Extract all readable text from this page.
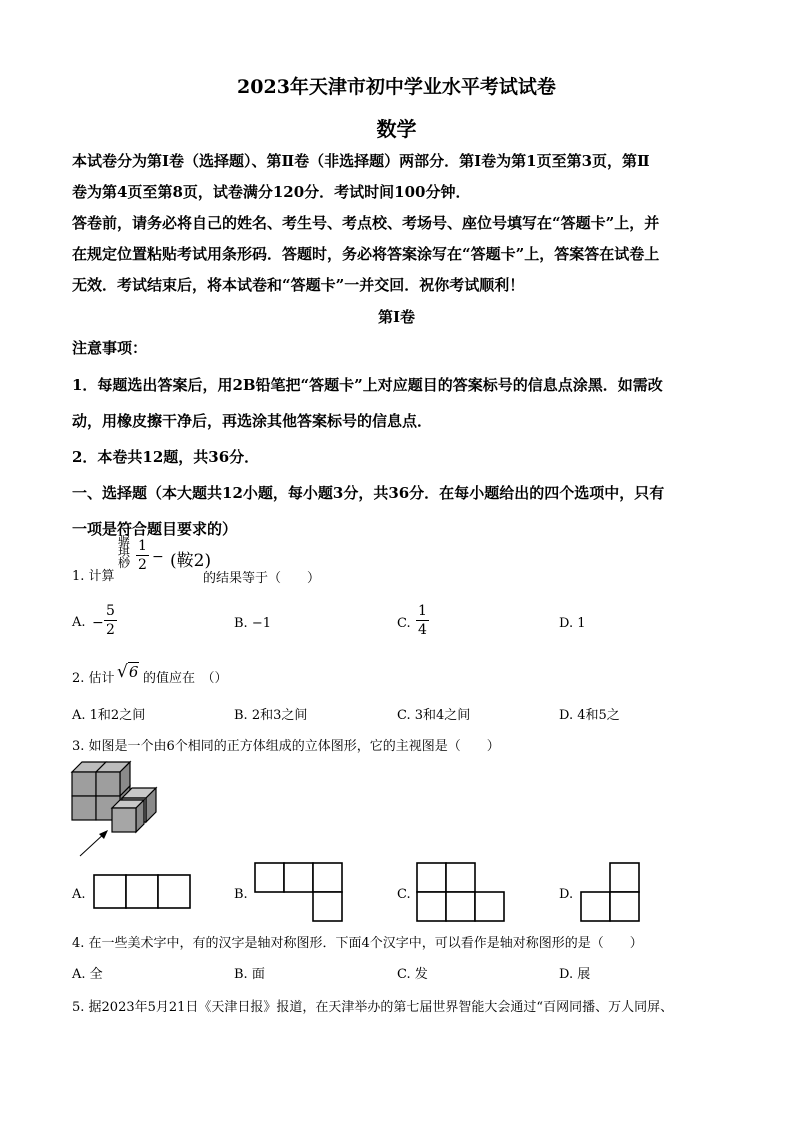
2023年天津市初中学业水平考试试卷
数学
本试卷分为第Ⅰ卷（选择题）、第Ⅱ卷（非选择题）两部分．第Ⅰ卷为第1页至第3页，第Ⅱ
卷为第4页至第8页，试卷满分120分．考试时间100分钟．
答卷前，请务必将自己的姓名、考生号、考点校、考场号、座位号填写在“答题卡”上，并
在规定位置粘贴考试用条形码．答题时，务必将答案涂写在“答题卡”上，答案答在试卷上
无效．考试结束后，将本试卷和“答题卡”一并交回．祝你考试顺利！
第Ⅰ卷
注意事项：
1．每题选出答案后，用2B铅笔把“答题卡”上对应题目的答案标号的信息点涂黑．如需改
动，用橡皮擦干净后，再选涂其他答案标号的信息点．
2．本卷共12题，共36分．
一、选择题（本大题共12小题，每小题3分，共36分．在每小题给出的四个选项中，只有
一项是符合题目要求的）
1. 计算
骣
琪
桫 $\frac{1}{2}$ − (鞍2)
的结果等于（　　）
A. − $\frac{5}{2}$	B. −1	C. $\frac{1}{4}$	D. 1
2. 估计 √6 的值应在　（）
A. 1和2之间	B. 2和3之间	C. 3和4之间	D. 4和5之
3. 如图是一个由6个相同的正方体组成的立体图形，它的主视图是（　　）
A.	B.	C.	D.
4. 在一些美术字中，有的汉字是轴对称图形．下面4个汉字中，可以看作是轴对称图形的是（　　）
A. 全	B. 面	C. 发	D. 展
5. 据2023年5月21日《天津日报》报道，在天津举办的第七届世界智能大会通过“百网同播、万人同屏、
